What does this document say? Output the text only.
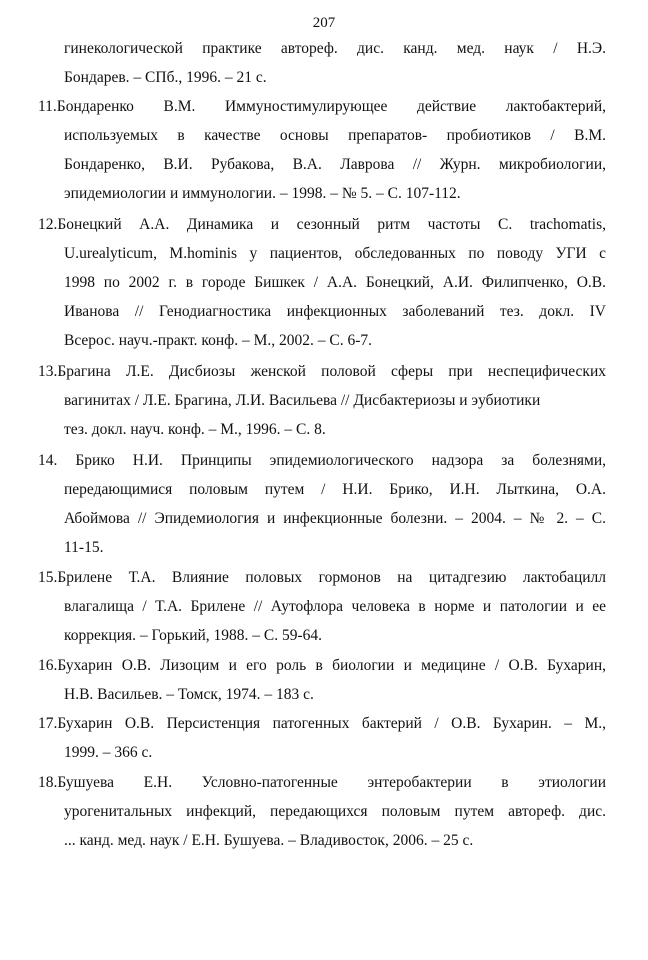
207
гинекологической практике автореф. дис. канд. мед. наук / Н.Э.
Бондарев. – СПб., 1996. – 21 с.
11.Бондаренко В.М. Иммуностимулирующее действие лактобактерий,
используемых в качестве основы препаратов- пробиотиков / В.М.
Бондаренко, В.И. Рубакова, В.А. Лаврова // Журн. микробиологии,
эпидемиологии и иммунологии. – 1998. – № 5. – С. 107-112.
12.Бонецкий А.А. Динамика и сезонный ритм частоты C. trachomatis,
U.urealyticum, M.hominis у пациентов, обследованных по поводу УГИ с
1998 по 2002 г. в городе Бишкек / А.А. Бонецкий, А.И. Филипченко, О.В.
Иванова // Генодиагностика инфекционных заболеваний тез. докл. IV
Всерос. науч.-практ. конф. – М., 2002. – С. 6-7.
13.Брагина Л.Е. Дисбиозы женской половой сферы при неспецифических
вагинитах / Л.Е. Брагина, Л.И. Васильева // Дисбактериозы и эубиотики
тез. докл. науч. конф. – М., 1996. – С. 8.
14. Брико Н.И. Принципы эпидемиологического надзора за болезнями,
передающимися половым путем / Н.И. Брико, И.Н. Лыткина, О.А.
Абоймова // Эпидемиология и инфекционные болезни. – 2004. – № 2. – С.
11-15.
15.Брилене Т.А. Влияние половых гормонов на цитадгезию лактобацилл
влагалища / Т.А. Брилене // Аутофлора человека в норме и патологии и ее
коррекция. – Горький, 1988. – С. 59-64.
16.Бухарин О.В. Лизоцим и его роль в биологии и медицине / О.В. Бухарин,
Н.В. Васильев. – Томск, 1974. – 183 с.
17.Бухарин О.В. Персистенция патогенных бактерий / О.В. Бухарин. – М.,
1999. – 366 с.
18.Бушуева Е.Н. Условно-патогенные энтеробактерии в этиологии
урогенитальных инфекций, передающихся половым путем автореф. дис.
... канд. мед. наук / Е.Н. Бушуева. – Владивосток, 2006. – 25 с.
